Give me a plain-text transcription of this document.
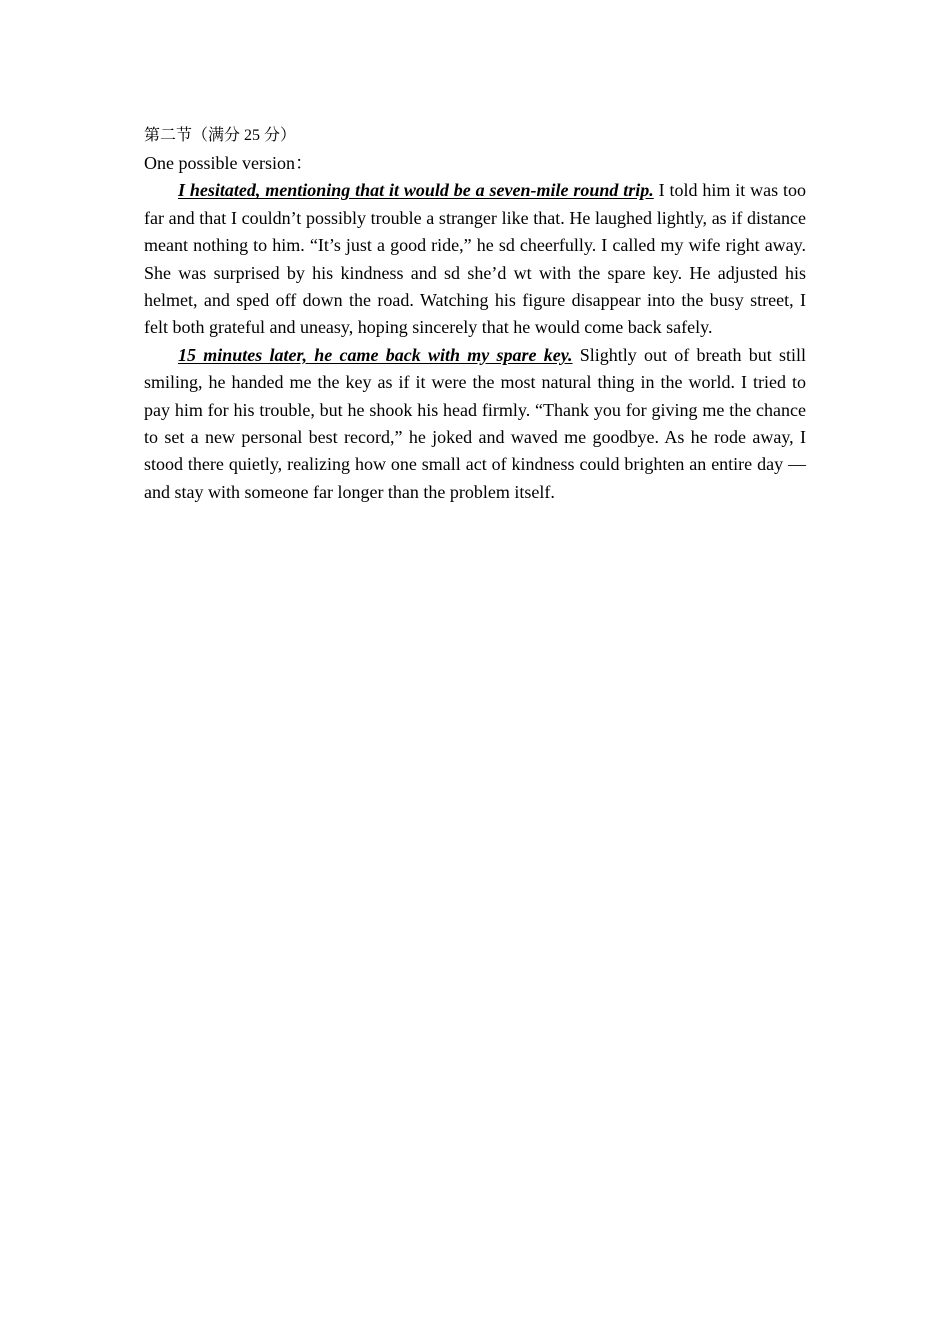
第二节（满分 25 分）

One possible version：

I hesitated, mentioning that it would be a seven-mile round trip. I told him it was too far and that I couldn’t possibly trouble a stranger like that. He laughed lightly, as if distance meant nothing to him. “It’s just a good ride,” he sd cheerfully. I called my wife right away. She was surprised by his kindness and sd she’d wt with the spare key. He adjusted his helmet, and sped off down the road. Watching his figure disappear into the busy street, I felt both grateful and uneasy, hoping sincerely that he would come back safely.

15 minutes later, he came back with my spare key. Slightly out of breath but still smiling, he handed me the key as if it were the most natural thing in the world. I tried to pay him for his trouble, but he shook his head firmly. “Thank you for giving me the chance to set a new personal best record,” he joked and waved me goodbye. As he rode away, I stood there quietly, realizing how one small act of kindness could brighten an entire day — and stay with someone far longer than the problem itself.
